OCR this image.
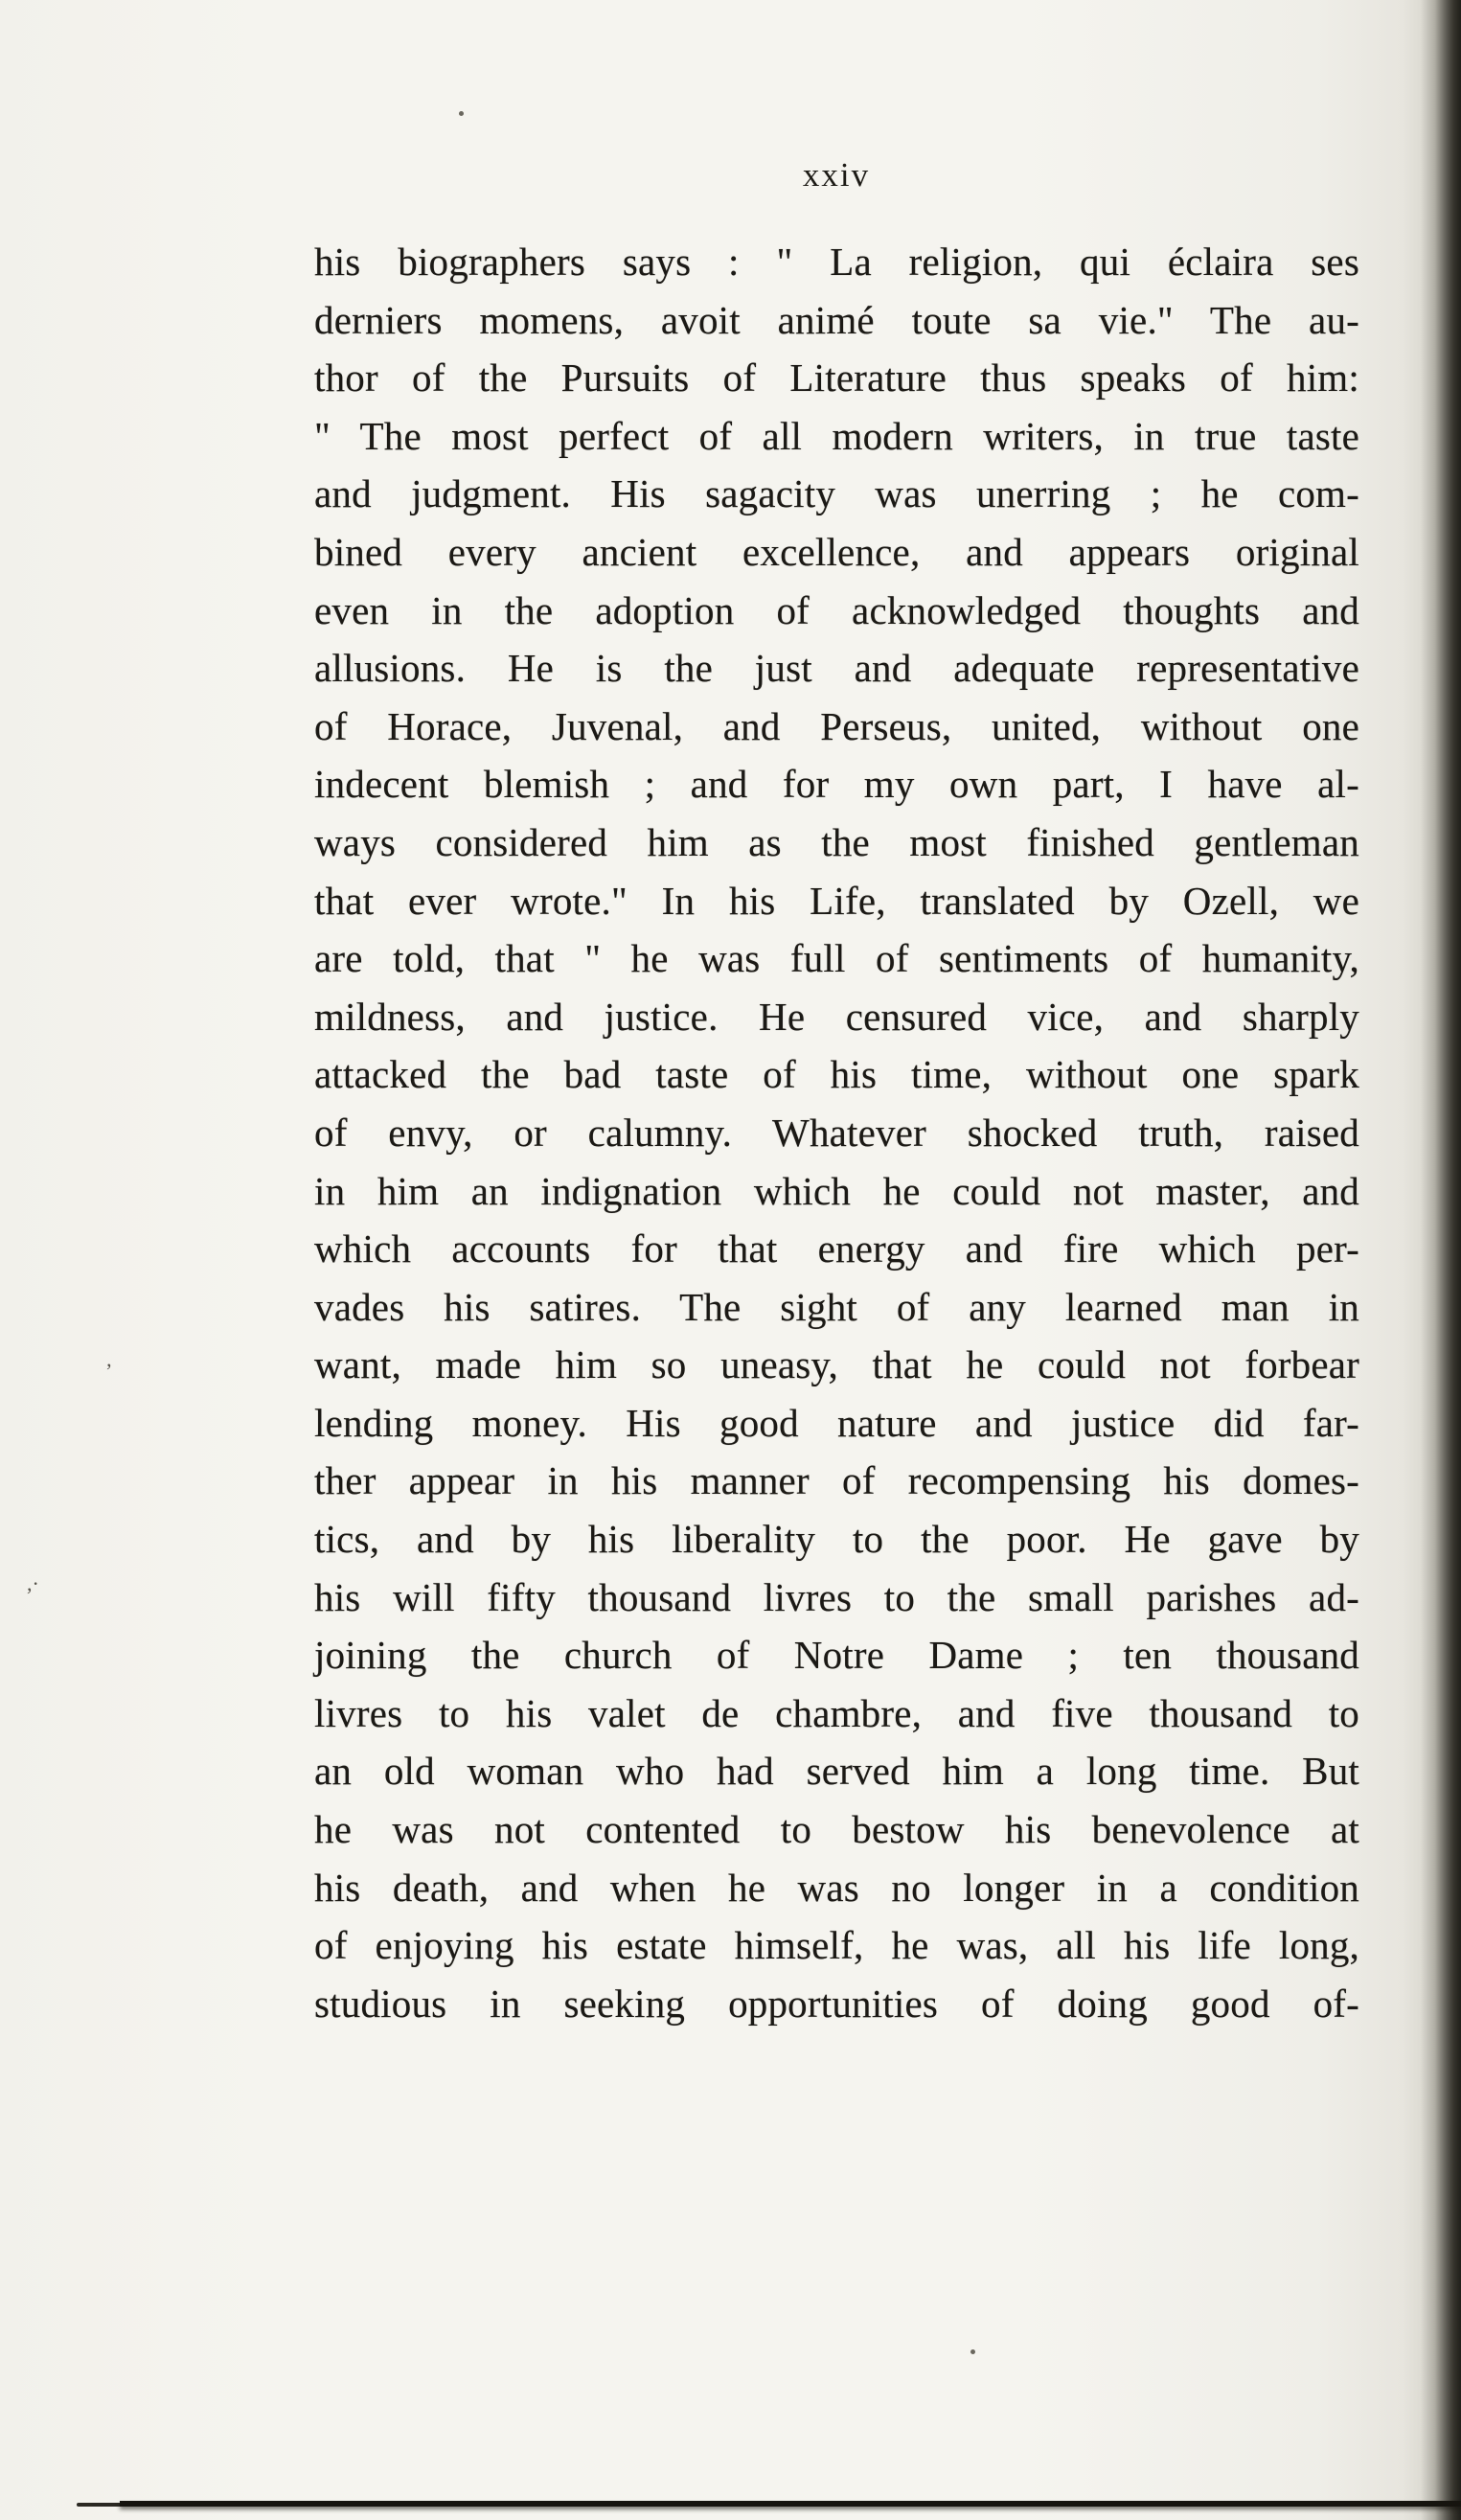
xxiv
his biographers says : " La religion, qui éclaira ses
derniers momens, avoit animé toute sa vie." The au-
thor of the Pursuits of Literature thus speaks of him:
" The most perfect of all modern writers, in true taste
and judgment. His sagacity was unerring ; he com-
bined every ancient excellence, and appears original
even in the adoption of acknowledged thoughts and
allusions. He is the just and adequate representative
of Horace, Juvenal, and Perseus, united, without one
indecent blemish ; and for my own part, I have al-
ways considered him as the most finished gentleman
that ever wrote." In his Life, translated by Ozell, we
are told, that " he was full of sentiments of humanity,
mildness, and justice. He censured vice, and sharply
attacked the bad taste of his time, without one spark
of envy, or calumny. Whatever shocked truth, raised
in him an indignation which he could not master, and
which accounts for that energy and fire which per-
vades his satires. The sight of any learned man in
want, made him so uneasy, that he could not forbear
lending money. His good nature and justice did far-
ther appear in his manner of recompensing his domes-
tics, and by his liberality to the poor. He gave by
his will fifty thousand livres to the small parishes ad-
joining the church of Notre Dame ; ten thousand
livres to his valet de chambre, and five thousand to
an old woman who had served him a long time. But
he was not contented to bestow his benevolence at
his death, and when he was no longer in a condition
of enjoying his estate himself, he was, all his life long,
studious in seeking opportunities of doing good of-
’
,·
